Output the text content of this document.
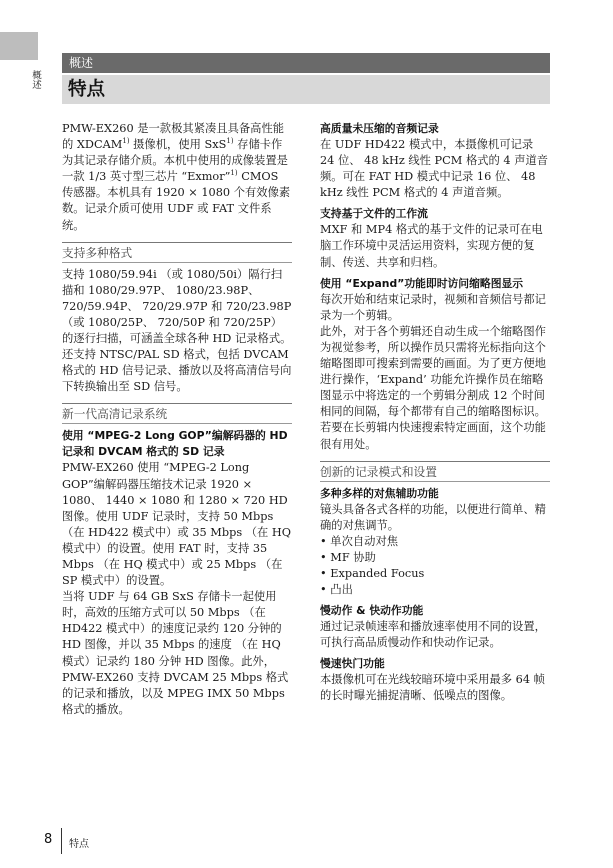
概述
概述
特点

PMW-EX260 是一款极其紧凑且具备高性能的 XDCAM$^{1)}$ 摄像机，使用 SxS$^{1)}$ 存储卡作为其记录存储介质。本机中使用的成像装置是一款 1/3 英寸型三芯片 “Exmor”$^{1)}$ CMOS 传感器。本机具有 1920 × 1080 个有效像素数。记录介质可使用 UDF 或 FAT 文件系统。

支持多种格式

支持 1080/59.94i （或 1080/50i）隔行扫描和 1080/29.97P、 1080/23.98P、 720/59.94P、 720/29.97P 和 720/23.98P （或 1080/25P、 720/50P 和 720/25P）的逐行扫描，可涵盖全球各种 HD 记录格式。还支持 NTSC/PAL SD 格式，包括 DVCAM 格式的 HD 信号记录、播放以及将高清信号向下转换输出至 SD 信号。

新一代高清记录系统
使用 “MPEG-2 Long GOP”编解码器的 HD 记录和 DVCAM 格式的 SD 记录

PMW-EX260 使用 “MPEG-2 Long GOP”编解码器压缩技术记录 1920 × 1080、 1440 × 1080 和 1280 × 720 HD 图像。使用 UDF 记录时，支持 50 Mbps （在 HD422 模式中）或 35 Mbps （在 HQ 模式中）的设置。使用 FAT 时，支持 35 Mbps （在 HQ 模式中）或 25 Mbps （在 SP 模式中）的设置。

当将 UDF 与 64 GB SxS 存储卡一起使用时，高效的压缩方式可以 50 Mbps （在 HD422 模式中）的速度记录约 120 分钟的 HD 图像，并以 35 Mbps 的速度 （在 HQ 模式）记录约 180 分钟 HD 图像。此外， PMW-EX260 支持 DVCAM 25 Mbps 格式的记录和播放，以及 MPEG IMX 50 Mbps 格式的播放。

高质量未压缩的音频记录

在 UDF HD422 模式中，本摄像机可记录 24 位、 48 kHz 线性 PCM 格式的 4 声道音频。可在 FAT HD 模式中记录 16 位、 48 kHz 线性 PCM 格式的 4 声道音频。

支持基于文件的工作流

MXF 和 MP4 格式的基于文件的记录可在电脑工作环境中灵活运用资料，实现方便的复制、传送、共享和归档。

使用 “Expand”功能即时访问缩略图显示

每次开始和结束记录时，视频和音频信号都记录为一个剪辑。

此外，对于各个剪辑还自动生成一个缩略图作为视觉参考，所以操作员只需将光标指向这个缩略图即可搜索到需要的画面。为了更方便地进行操作，‘Expand’ 功能允许操作员在缩略图显示中将选定的一个剪辑分割成 12 个时间相同的间隔，每个都带有自己的缩略图标识。若要在长剪辑内快速搜索特定画面，这个功能很有用处。

创新的记录模式和设置
多种多样的对焦辅助功能

镜头具备各式各样的功能，以便进行简单、精确的对焦调节。

• 单次自动对焦
• MF 协助
• Expanded Focus
• 凸出
慢动作 & 快动作功能

通过记录帧速率和播放速率使用不同的设置，可执行高品质慢动作和快动作记录。

慢速快门功能

本摄像机可在光线较暗环境中采用最多 64 帧的长时曝光捕捉清晰、低噪点的图像。

8 特点
